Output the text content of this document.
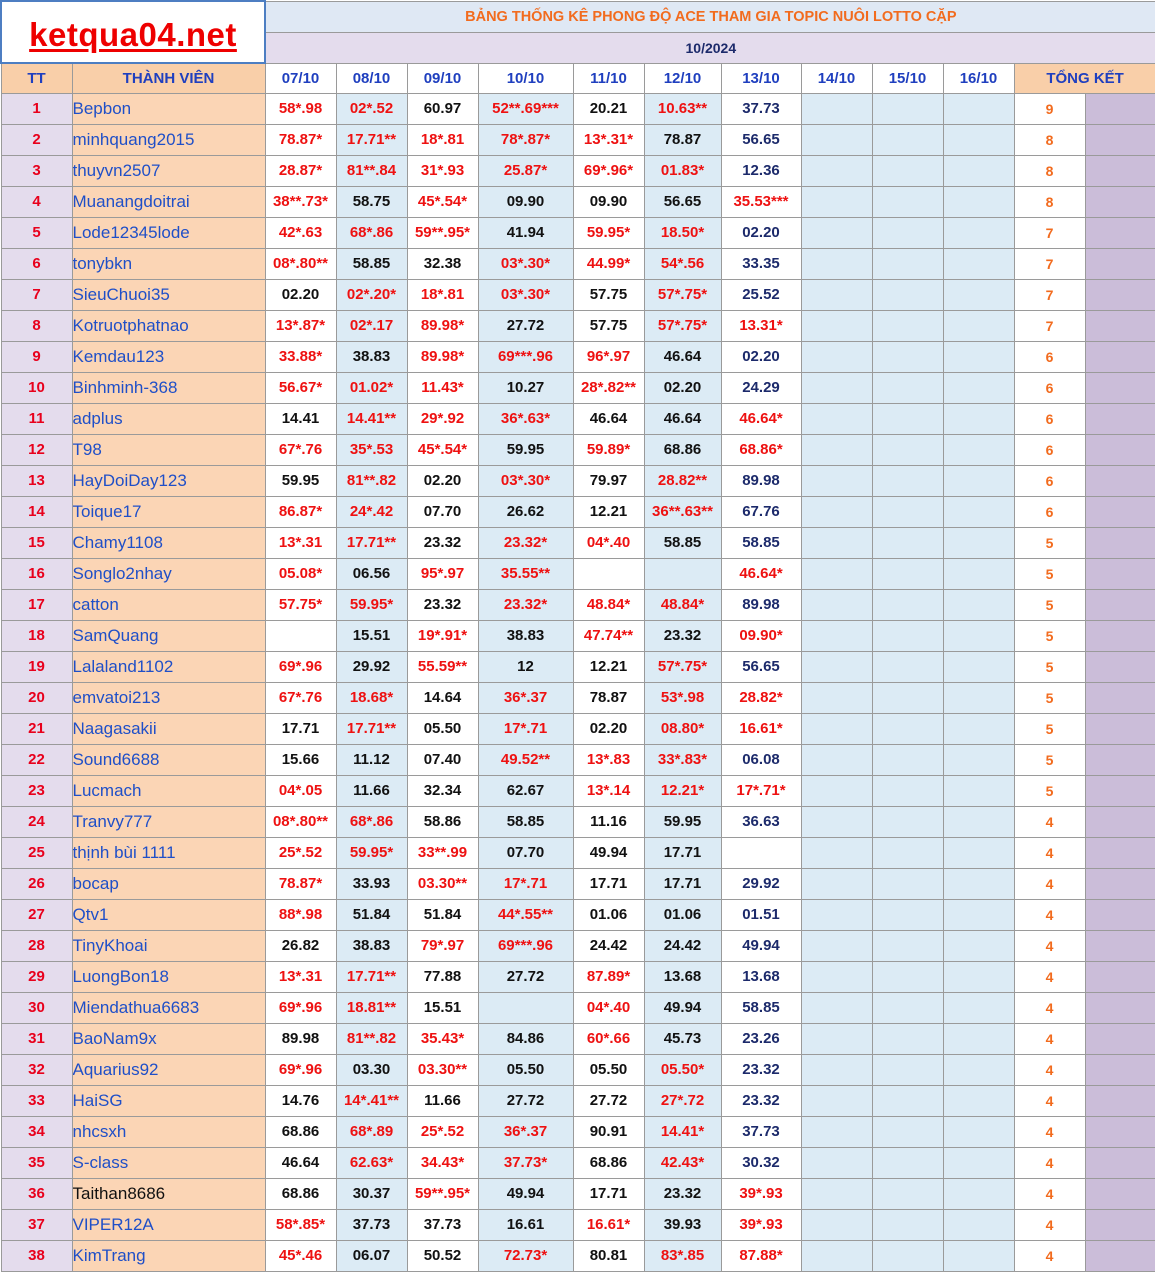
ketqua04.net		BẢNG THỐNG KÊ PHONG ĐỘ ACE THAM GIA TOPIC NUÔI LOTTO CẶP											
		10/2024											
TT	THÀNH VIÊN	07/10	08/10	09/10	10/10	11/10	12/10	13/10	14/10	15/10	16/10	TỔNG KẾT	
1	Bepbon	58*.98	02*.52	60.97	52**.69***	20.21	10.63**	37.73				9	
2	minhquang2015	78.87*	17.71**	18*.81	78*.87*	13*.31*	78.87	56.65				8	
3	thuyvn2507	28.87*	81**.84	31*.93	25.87*	69*.96*	01.83*	12.36				8	
4	Muanangdoitrai	38**.73*	58.75	45*.54*	09.90	09.90	56.65	35.53***				8	
5	Lode12345lode	42*.63	68*.86	59**.95*	41.94	59.95*	18.50*	02.20				7	
6	tonybkn	08*.80**	58.85	32.38	03*.30*	44.99*	54*.56	33.35				7	
7	SieuChuoi35	02.20	02*.20*	18*.81	03*.30*	57.75	57*.75*	25.52				7	
8	Kotruotphatnao	13*.87*	02*.17	89.98*	27.72	57.75	57*.75*	13.31*				7	
9	Kemdau123	33.88*	38.83	89.98*	69***.96	96*.97	46.64	02.20				6	
10	Binhminh-368	56.67*	01.02*	11.43*	10.27	28*.82**	02.20	24.29				6	
11	adplus	14.41	14.41**	29*.92	36*.63*	46.64	46.64	46.64*				6	
12	T98	67*.76	35*.53	45*.54*	59.95	59.89*	68.86	68.86*				6	
13	HayDoiDay123	59.95	81**.82	02.20	03*.30*	79.97	28.82**	89.98				6	
14	Toique17	86.87*	24*.42	07.70	26.62	12.21	36**.63**	67.76				6	
15	Chamy1108	13*.31	17.71**	23.32	23.32*	04*.40	58.85	58.85				5	
16	Songlo2nhay	05.08*	06.56	95*.97	35.55**			46.64*				5	
17	catton	57.75*	59.95*	23.32	23.32*	48.84*	48.84*	89.98				5	
18	SamQuang		15.51	19*.91*	38.83	47.74**	23.32	09.90*				5	
19	Lalaland1102	69*.96	29.92	55.59**	12	12.21	57*.75*	56.65				5	
20	emvatoi213	67*.76	18.68*	14.64	36*.37	78.87	53*.98	28.82*				5	
21	Naagasakii	17.71	17.71**	05.50	17*.71	02.20	08.80*	16.61*				5	
22	Sound6688	15.66	11.12	07.40	49.52**	13*.83	33*.83*	06.08				5	
23	Lucmach	04*.05	11.66	32.34	62.67	13*.14	12.21*	17*.71*				5	
24	Tranvy777	08*.80**	68*.86	58.86	58.85	11.16	59.95	36.63				4	
25	thịnh bùi 1111	25*.52	59.95*	33**.99	07.70	49.94	17.71					4	
26	bocap	78.87*	33.93	03.30**	17*.71	17.71	17.71	29.92				4	
27	Qtv1	88*.98	51.84	51.84	44*.55**	01.06	01.06	01.51				4	
28	TinyKhoai	26.82	38.83	79*.97	69***.96	24.42	24.42	49.94				4	
29	LuongBon18	13*.31	17.71**	77.88	27.72	87.89*	13.68	13.68				4	
30	Miendathua6683	69*.96	18.81**	15.51		04*.40	49.94	58.85				4	
31	BaoNam9x	89.98	81**.82	35.43*	84.86	60*.66	45.73	23.26				4	
32	Aquarius92	69*.96	03.30	03.30**	05.50	05.50	05.50*	23.32				4	
33	HaiSG	14.76	14*.41**	11.66	27.72	27.72	27*.72	23.32				4	
34	nhcsxh	68.86	68*.89	25*.52	36*.37	90.91	14.41*	37.73				4	
35	S-class	46.64	62.63*	34.43*	37.73*	68.86	42.43*	30.32				4	
36	Taithan8686	68.86	30.37	59**.95*	49.94	17.71	23.32	39*.93				4	
37	VIPER12A	58*.85*	37.73	37.73	16.61	16.61*	39.93	39*.93				4	
38	KimTrang	45*.46	06.07	50.52	72.73*	80.81	83*.85	87.88*				4	
